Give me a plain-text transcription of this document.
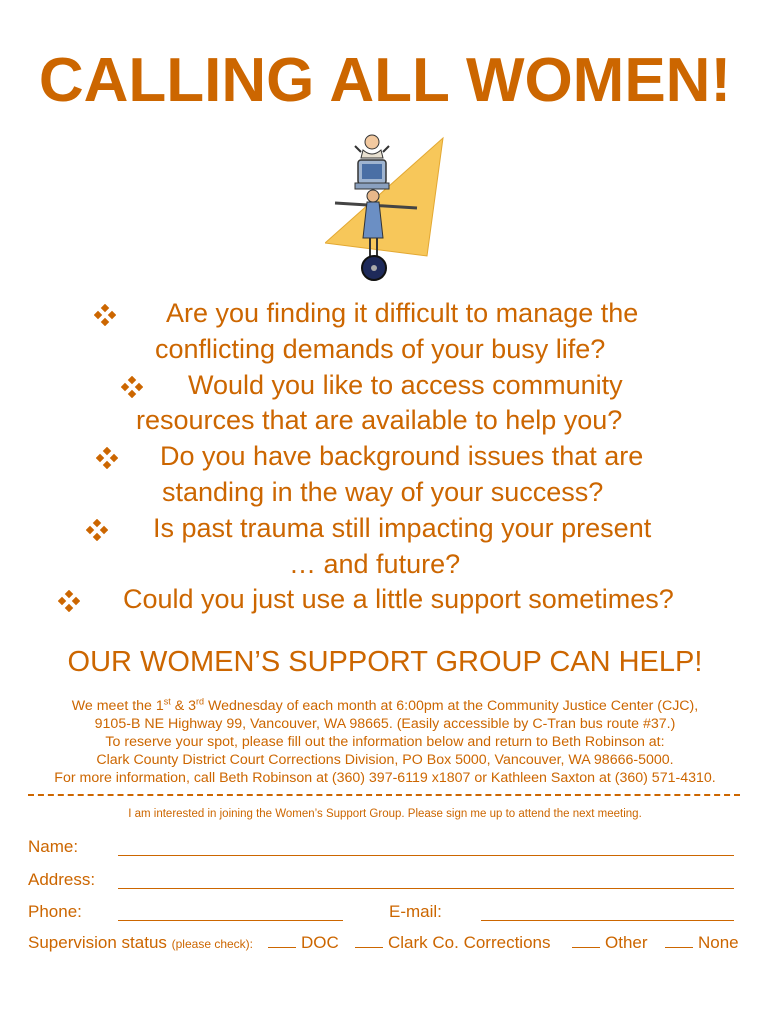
CALLING ALL WOMEN!
Are you finding it difficult to manage the
conflicting demands of your busy life?
Would you like to access community
resources that are available to help you?
Do you have background issues that are
standing in the way of your success?
Is past trauma still impacting your present
… and future?
Could you just use a little support sometimes?
OUR WOMEN’S SUPPORT GROUP CAN HELP!
We meet the 1st & 3rd Wednesday of each month at 6:00pm at the Community Justice Center (CJC),
9105-B NE Highway 99, Vancouver, WA 98665. (Easily accessible by C-Tran bus route #37.)
To reserve your spot, please fill out the information below and return to Beth Robinson at:
Clark County District Court Corrections Division, PO Box 5000, Vancouver, WA 98666-5000.
For more information, call Beth Robinson at (360) 397-6119 x1807 or Kathleen Saxton at (360) 571-4310.
I am interested in joining the Women’s Support Group. Please sign me up to attend the next meeting.
Name:
Address:
Phone:	E-mail:
Supervision status (please check):	DOC	Clark Co. Corrections	Other	None
